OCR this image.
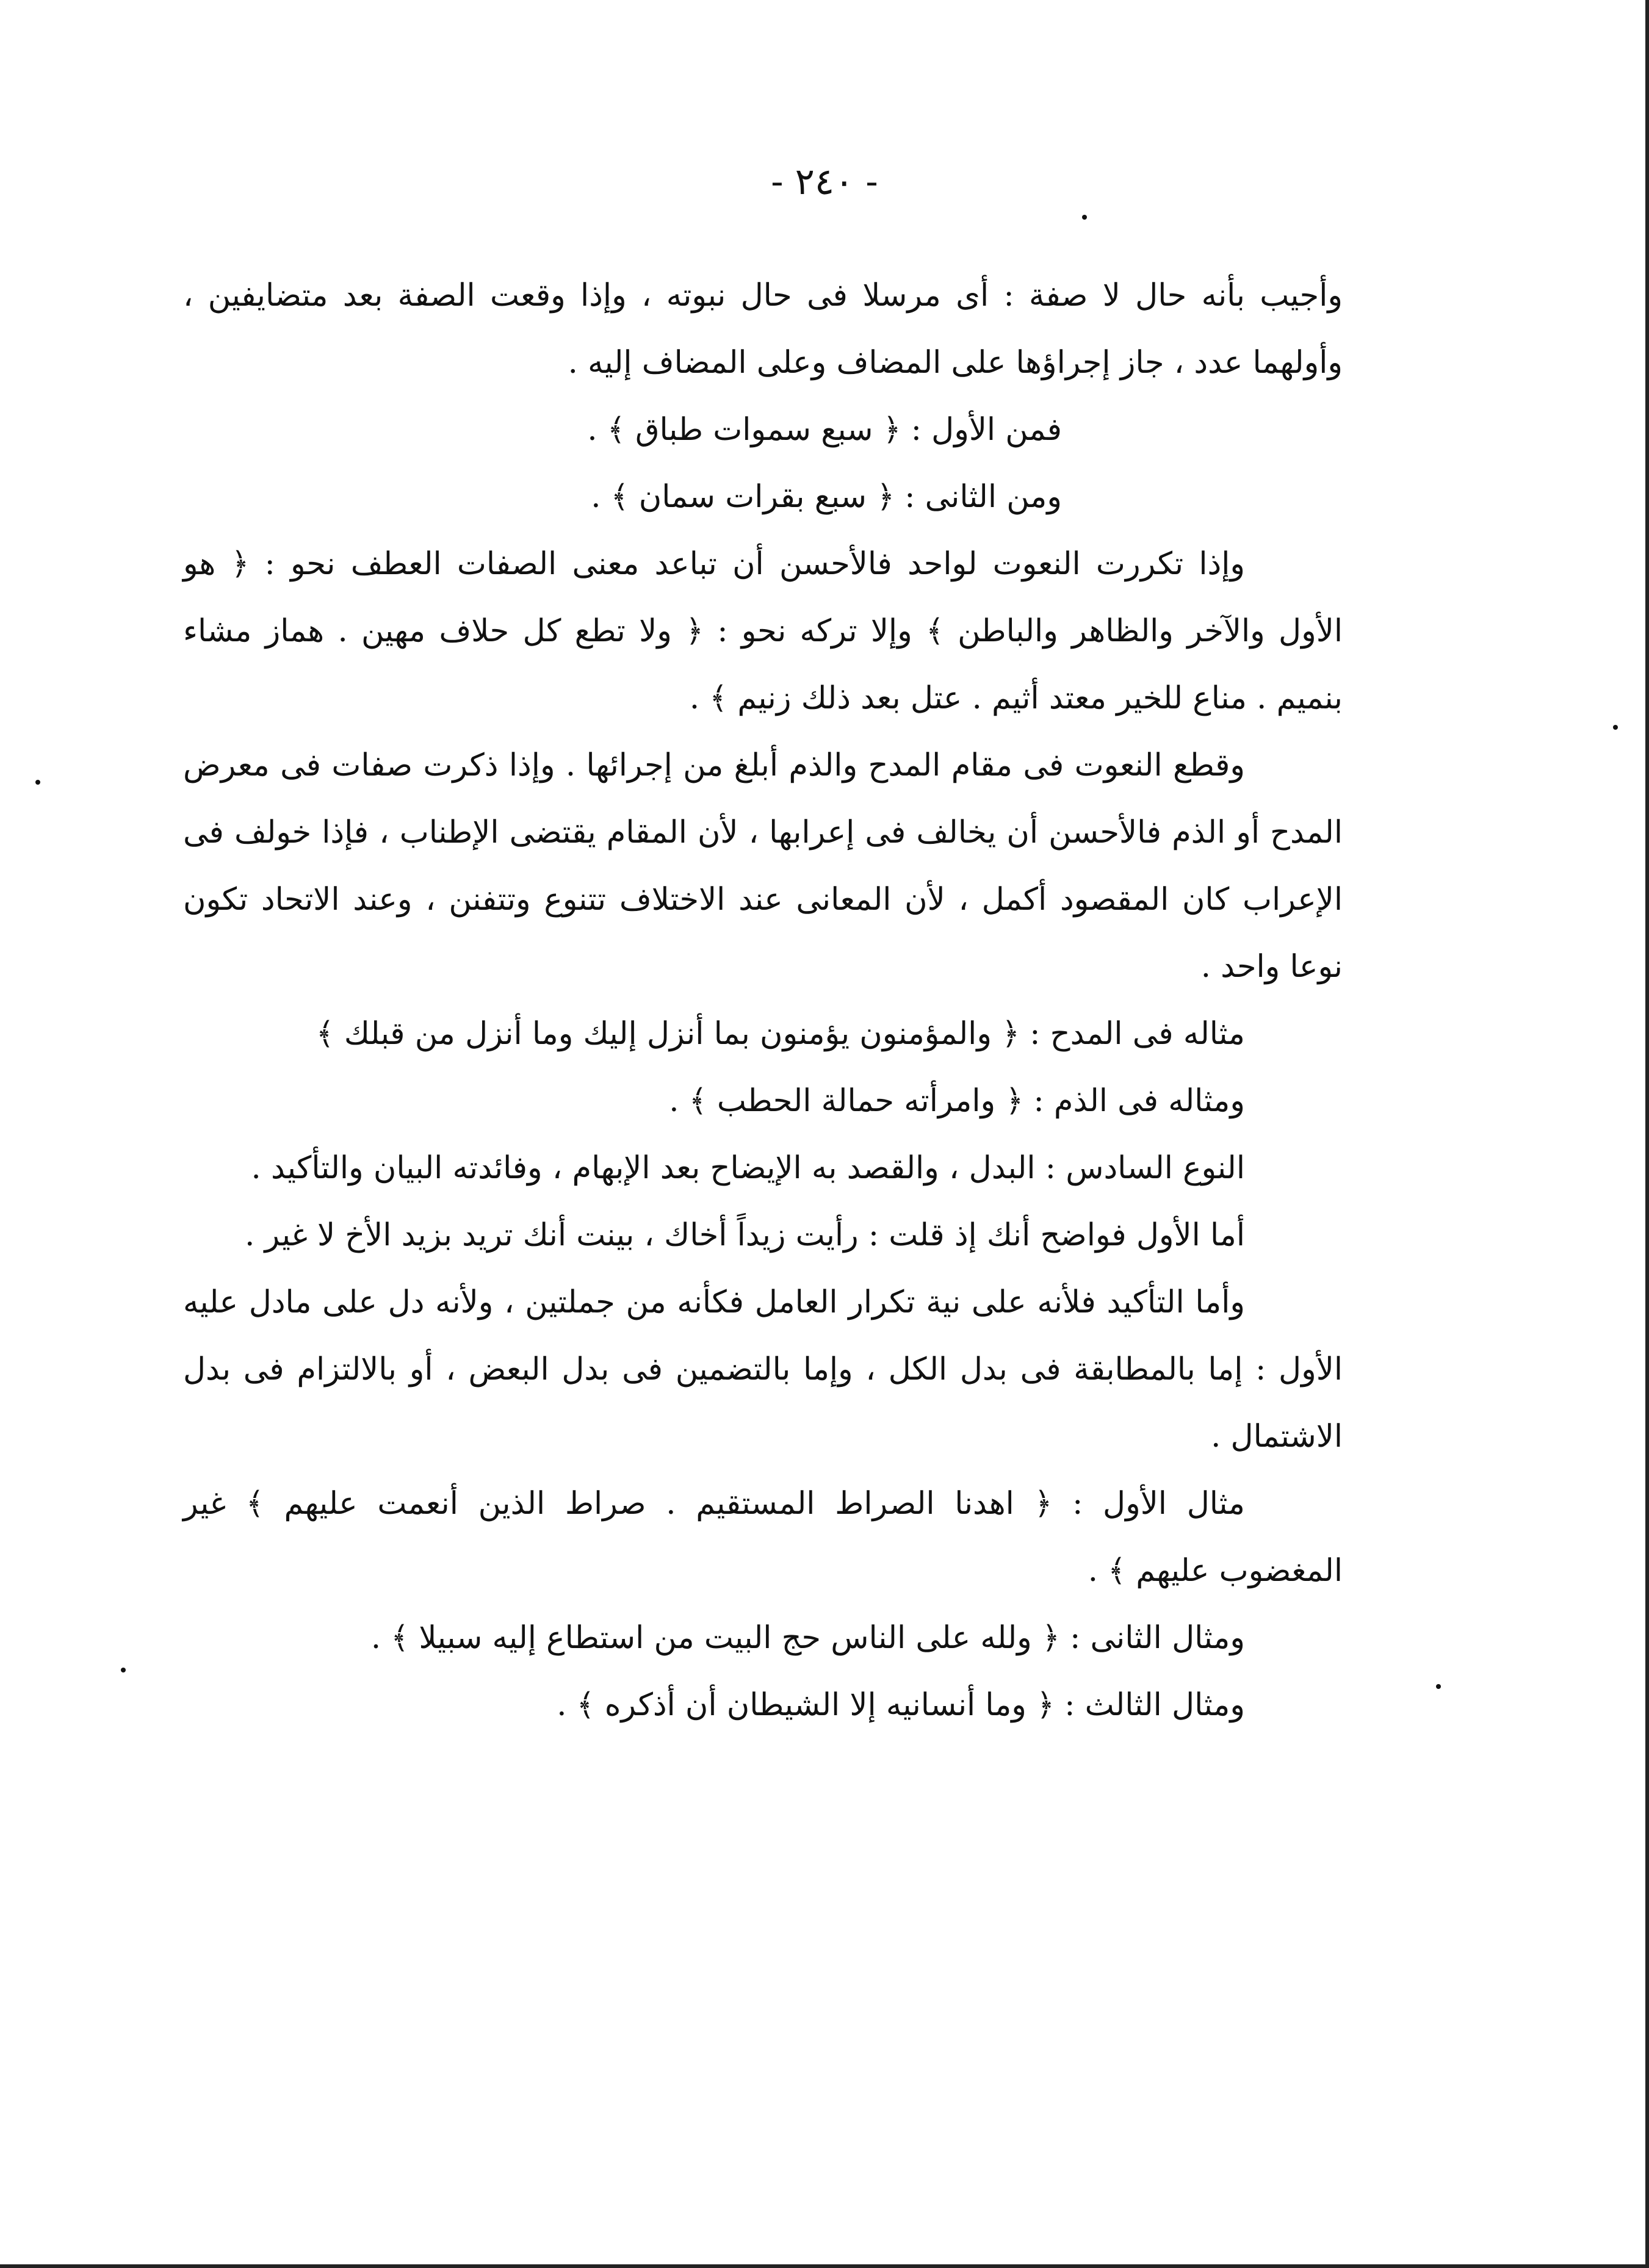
- ٢٤٠ -

وأجيب بأنه حال لا صفة : أى مرسلا فى حال نبوته ، وإذا وقعت الصفة بعد متضايفين ، وأولهما عدد ، جاز إجراؤها على المضاف وعلى المضاف إليه .

فمن الأول : ﴿ سبع سموات طباق ﴾ .

ومن الثانى : ﴿ سبع بقرات سمان ﴾ .

وإذا تكررت النعوت لواحد فالأحسن أن تباعد معنى الصفات العطف نحو : ﴿ هو الأول والآخر والظاهر والباطن ﴾ وإلا تركه نحو : ﴿ ولا تطع كل حلاف مهين . هماز مشاء بنميم . مناع للخير معتد أثيم . عتل بعد ذلك زنيم ﴾ .

وقطع النعوت فى مقام المدح والذم أبلغ من إجرائها . وإذا ذكرت صفات فى معرض المدح أو الذم فالأحسن أن يخالف فى إعرابها ، لأن المقام يقتضى الإطناب ، فإذا خولف فى الإعراب كان المقصود أكمل ، لأن المعانى عند الاختلاف تتنوع وتتفنن ، وعند الاتحاد تكون نوعا واحد .

مثاله فى المدح : ﴿ والمؤمنون يؤمنون بما أنزل إليك وما أنزل من قبلك ﴾

ومثاله فى الذم : ﴿ وامرأته حمالة الحطب ﴾ .

النوع السادس : البدل ، والقصد به الإيضاح بعد الإبهام ، وفائدته البيان والتأكيد .

أما الأول فواضح أنك إذ قلت : رأيت زيداً أخاك ، بينت أنك تريد بزيد الأخ لا غير .

وأما التأكيد فلأنه على نية تكرار العامل فكأنه من جملتين ، ولأنه دل على مادل عليه الأول : إما بالمطابقة فى بدل الكل ، وإما بالتضمين فى بدل البعض ، أو بالالتزام فى بدل الاشتمال .

مثال الأول : ﴿ اهدنا الصراط المستقيم . صراط الذين أنعمت عليهم ﴾ غير المغضوب عليهم ﴾ .

ومثال الثانى : ﴿ ولله على الناس حج البيت من استطاع إليه سبيلا ﴾ .

ومثال الثالث : ﴿ وما أنسانيه إلا الشيطان أن أذكره ﴾ .
